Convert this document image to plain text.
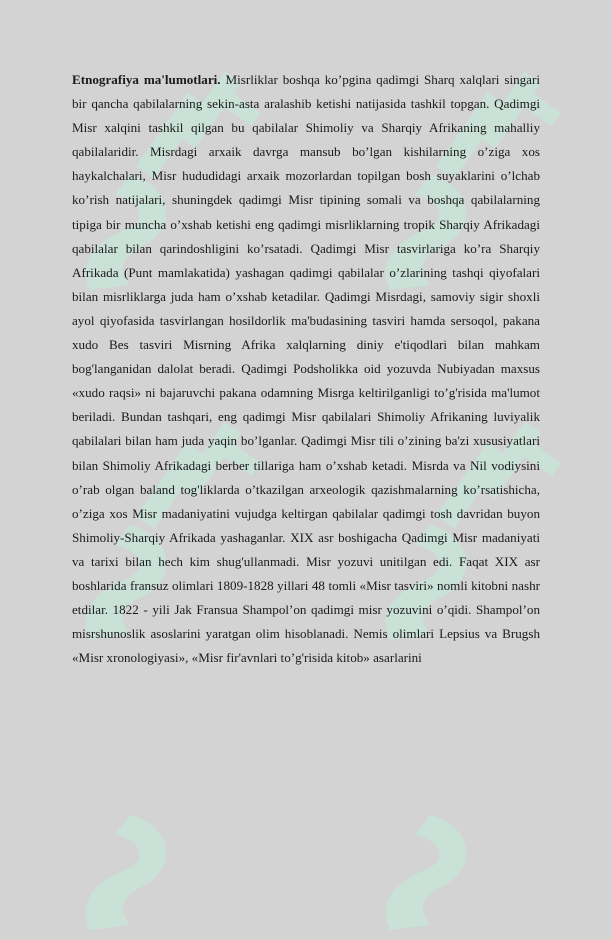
Etnografiya ma'lumotlari. Misrliklar boshqa ko’pgina qadimgi Sharq xalqlari singari bir qancha qabilalarning sekin-asta aralashib ketishi natijasida tashkil topgan. Qadimgi Misr xalqini tashkil qilgan bu qabilalar Shimoliy va Sharqiy Afrikaning mahalliy qabilalaridir. Misrdagi arxaik davrga mansub bo’lgan kishilarning o’ziga xos haykalchalari, Misr hududidagi arxaik mozorlardan topilgan bosh suyaklarini o’lchab ko’rish natijalari, shuningdek qadimgi Misr tipining somali va boshqa qabilalarning tipiga bir muncha o’xshab ketishi eng qadimgi misrliklarning tropik Sharqiy Afrikadagi qabilalar bilan qarindoshligini ko’rsatadi. Qadimgi Misr tasvirlariga ko’ra Sharqiy Afrikada (Punt mamlakatida) yashagan qadimgi qabilalar o’zlarining tashqi qiyofalari bilan misrliklarga juda ham o’xshab ketadilar. Qadimgi Misrdagi, samoviy sigir shoxli ayol qiyofasida tasvirlangan hosildorlik ma'budasining tasviri hamda sersoqol, pakana xudo Bes tasviri Misrning Afrika xalqlarning diniy e'tiqodlari bilan mahkam bog'langanidan dalolat beradi. Qadimgi Podsholikka oid yozuvda Nubiyadan maxsus «xudo raqsi» ni bajaruvchi pakana odamning Misrga keltirilganligi to’g'risida ma'lumot beriladi. Bundan tashqari, eng qadimgi Misr qabilalari Shimoliy Afrikaning luviyalik qabilalari bilan ham juda yaqin bo’lganlar. Qadimgi Misr tili o’zining ba'zi xususiyatlari bilan Shimoliy Afrikadagi berber tillariga ham o’xshab ketadi. Misrda va Nil vodiysini o’rab olgan baland tog'liklarda o’tkazilgan arxeologik qazishmalarning ko’rsatishicha, o’ziga xos Misr madaniyatini vujudga keltirgan qabilalar qadimgi tosh davridan buyon Shimoliy-Sharqiy Afrikada yashaganlar. XIX asr boshigacha Qadimgi Misr madaniyati va tarixi bilan hech kim shug'ullanmadi. Misr yozuvi unitilgan edi. Faqat XIX asr boshlarida fransuz olimlari 1809-1828 yillari 48 tomli «Misr tasviri» nomli kitobni nashr etdilar. 1822 - yili Jak Fransua Shampol’on qadimgi misr yozuvini o’qidi. Shampol’on misrshunoslik asoslarini yaratgan olim hisoblanadi. Nemis olimlari Lepsius va Brugsh «Misr xronologiyasi», «Misr fir'avnlari to’g'risida kitob» asarlarini
